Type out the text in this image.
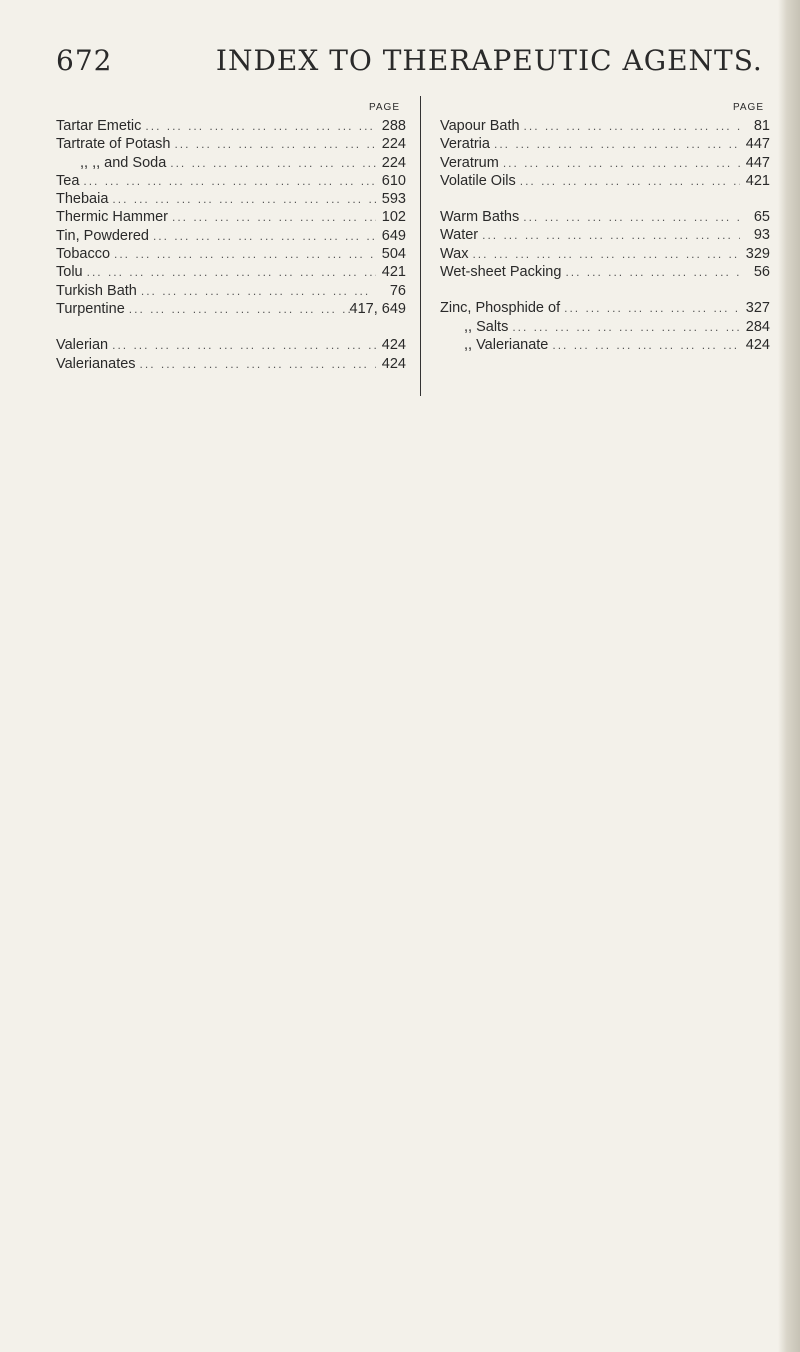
672	INDEX TO THERAPEUTIC AGENTS.
PAGE
Tartar Emetic ... .	288
Tartrate of Potash ... .	224
,, ,, and Soda ... .	224
Tea ... .	610
Thebaia ... .	593
Thermic Hammer ... .	102
Tin, Powdered ... .	649
Tobacco ... .	504
Tolu ... .	421
Turkish Bath ... .	76
Turpentine ... .	417, 649
Valerian ... .	424
Valerianates ... .	424
PAGE
Vapour Bath ... .	81
Veratria ... .	447
Veratrum ... .	447
Volatile Oils ... .	421
Warm Baths ... .	65
Water ... .	93
Wax ... .	329
Wet-sheet Packing ... .	56
Zinc, Phosphide of ... .	327
,, Salts ... .	284
,, Valerianate ... .	424
